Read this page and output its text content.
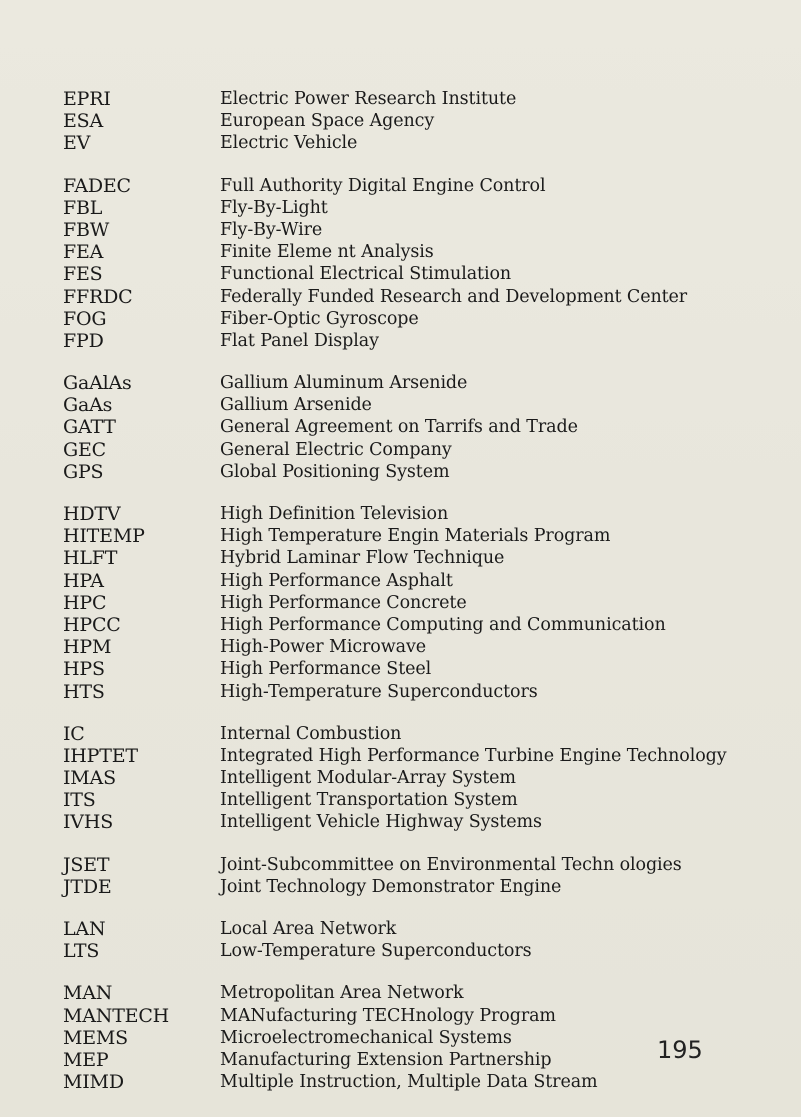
EPRI
ESA
EV
FADEC
FBL
FBW
FEA
FES
FFRDC
FOG
FPD
GaAlAs
GaAs
GATT
GEC
GPS
HDTV
HITEMP
HLFT
HPA
HPC
HPCC
HPM
HPS
HTS
IC
IHPTET
IMAS
ITS
IVHS
JSET
JTDE
LAN
LTS
MAN
MANTECH
MEMS
MEP
MIMD
Electric Power Research Institute
European Space Agency
Electric Vehicle
Full Authority Digital Engine Control
Fly-By-Light
Fly-By-Wire
Finite Eleme nt Analysis
Functional Electrical Stimulation
Federally Funded Research and Development Center
Fiber-Optic Gyroscope
Flat Panel Display
Gallium Aluminum Arsenide
Gallium Arsenide
General Agreement on Tarrifs and Trade
General Electric Company
Global Positioning System
High Definition Television
High Temperature Engin Materials Program
Hybrid Laminar Flow Technique
High Performance Asphalt
High Performance Concrete
High Performance Computing and Communication
High-Power Microwave
High Performance Steel
High-Temperature Superconductors
Internal Combustion
Integrated High Performance Turbine Engine Technology
Intelligent Modular-Array System
Intelligent Transportation System
Intelligent Vehicle Highway Systems
Joint-Subcommittee on Environmental Techn ologies
Joint Technology Demonstrator Engine
Local Area Network
Low-Temperature Superconductors
Metropolitan Area Network
MANufacturing TECHnology Program
Microelectromechanical Systems
Manufacturing Extension Partnership
Multiple Instruction, Multiple Data Stream
195
